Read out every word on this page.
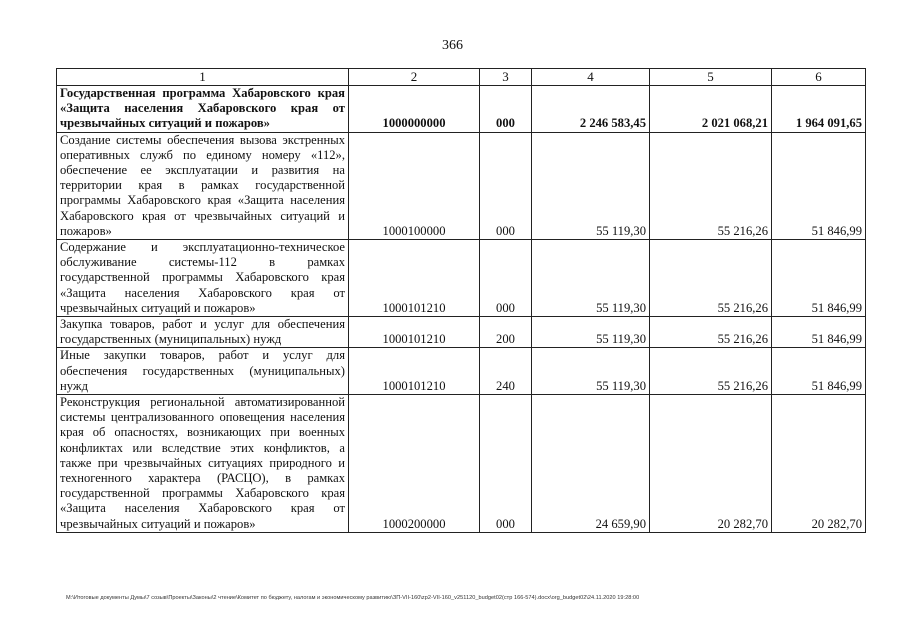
366
1	2	3	4	5	6
Государственная программа Хабаровского края «Защита населения Хабаровского края от чрезвычайных ситуаций и пожаров»	1000000000	000	2 246 583,45	2 021 068,21	1 964 091,65
Создание системы обеспечения вызова экстренных оперативных служб по единому номеру «112», обеспечение ее эксплуатации и развития на территории края в рамках государственной программы Хабаровского края «Защита населения Хабаровского края от чрезвычайных ситуаций и пожаров»	1000100000	000	55 119,30	55 216,26	51 846,99
Содержание и эксплуатационно-техническое обслуживание системы-112 в рамках государственной программы Хабаровского края «Защита населения Хабаровского края от чрезвычайных ситуаций и пожаров»	1000101210	000	55 119,30	55 216,26	51 846,99
Закупка товаров, работ и услуг для обеспечения государственных (муниципальных) нужд	1000101210	200	55 119,30	55 216,26	51 846,99
Иные закупки товаров, работ и услуг для обеспечения государственных (муниципальных) нужд	1000101210	240	55 119,30	55 216,26	51 846,99
Реконструкция региональной автоматизированной системы централизованного оповещения населения края об опасностях, возникающих при военных конфликтах или вследствие этих конфликтов, а также при чрезвычайных ситуациях природного и техногенного характера (РАСЦО), в рамках государственной программы Хабаровского края «Защита населения Хабаровского края от чрезвычайных ситуаций и пожаров»	1000200000	000	24 659,90	20 282,70	20 282,70
М:\Итоговые документы Думы\7 созыв\Проекты\Законы\2 чтение\Комитет по бюджету, налогам и экономическому развитию\ЗП-VII-160\zp2-VII-160_v251120_budget02(стр 166-574).docx\org_budget02\24.11.2020 19:28:00
